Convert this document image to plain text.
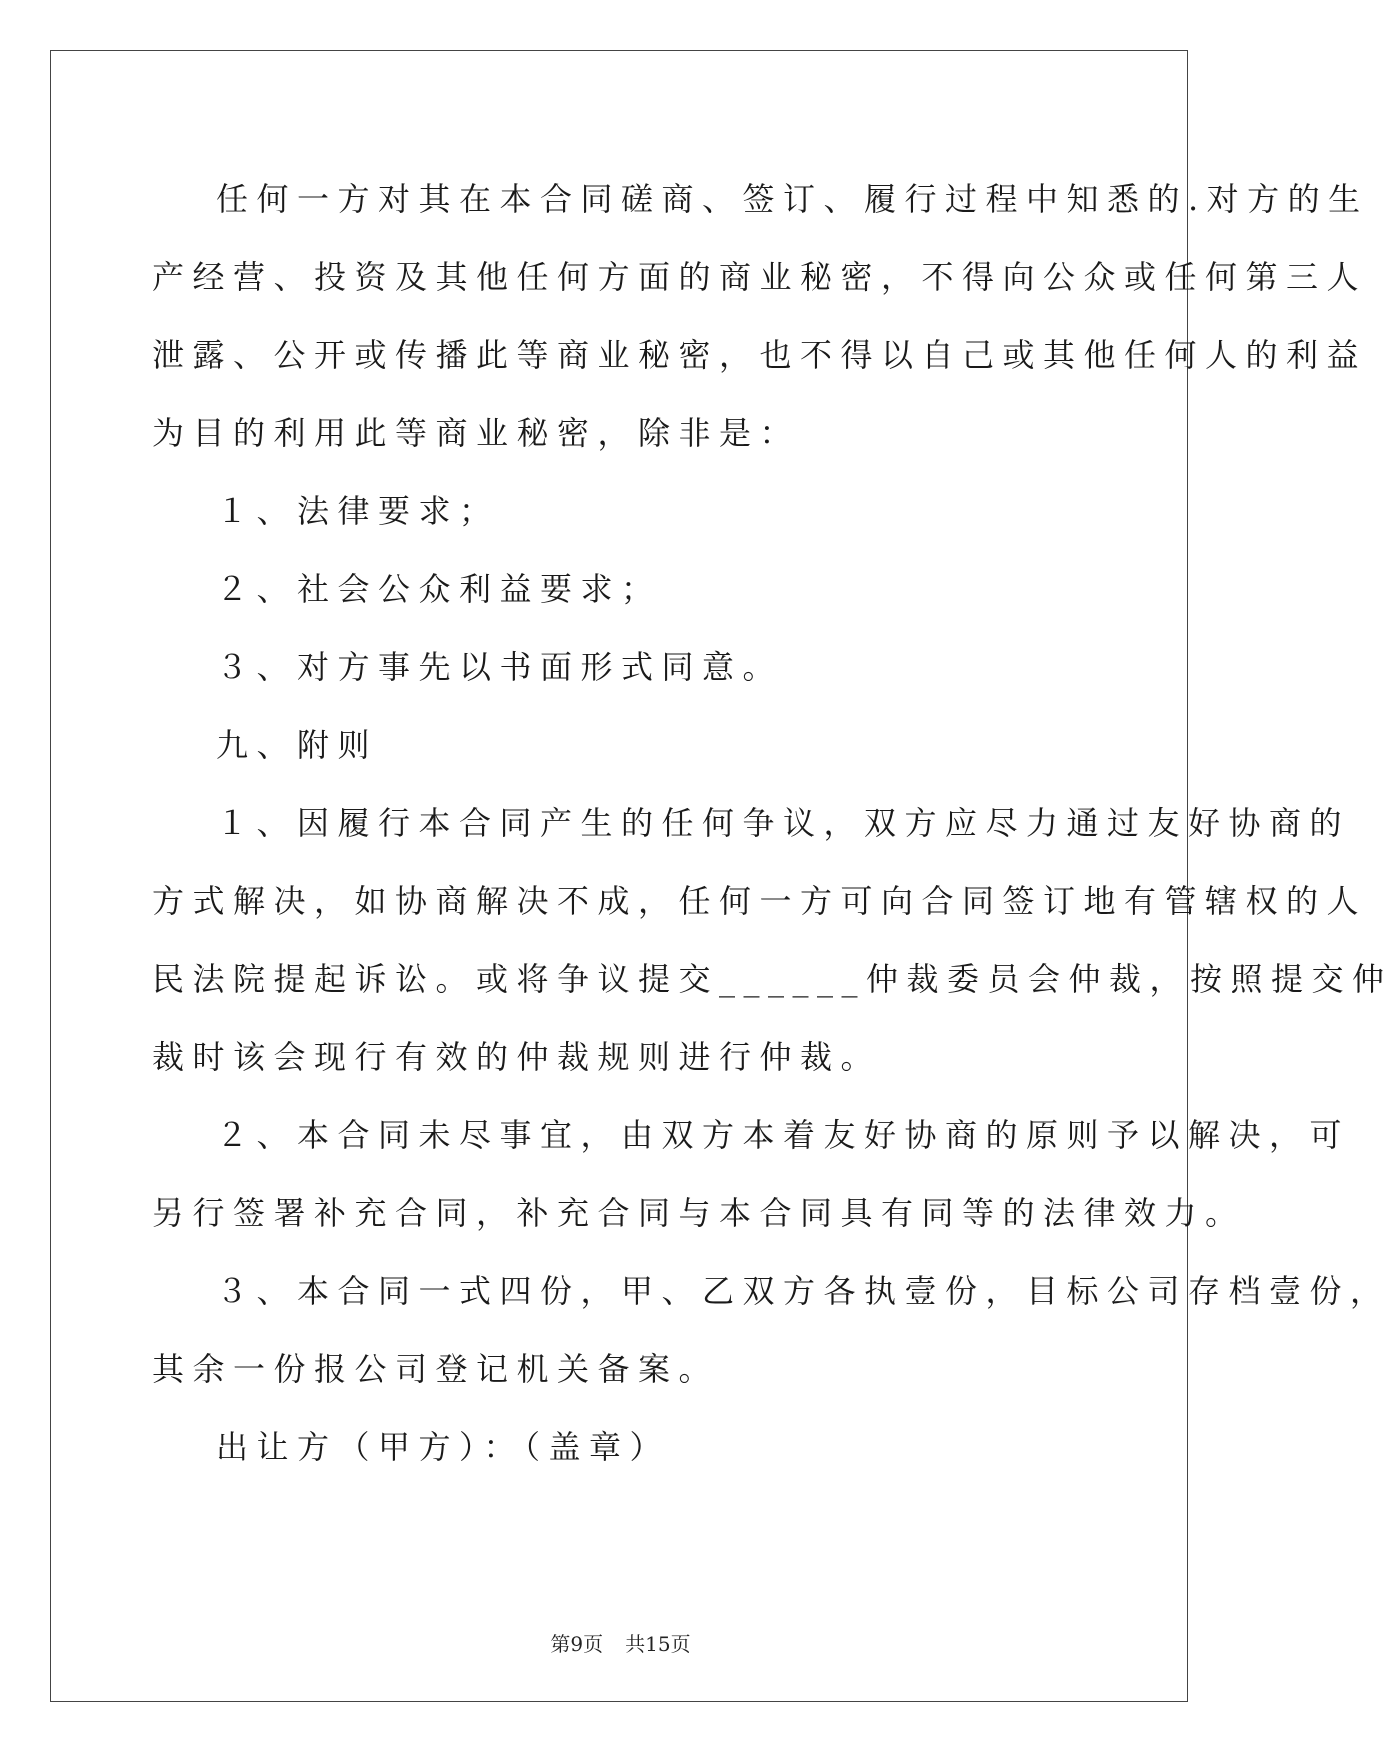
任何一方对其在本合同磋商、签订、履行过程中知悉的.对方的生
产经营、投资及其他任何方面的商业秘密，不得向公众或任何第三人
泄露、公开或传播此等商业秘密，也不得以自己或其他任何人的利益
为目的利用此等商业秘密，除非是：
１、法律要求；
２、社会公众利益要求；
３、对方事先以书面形式同意。
九、附则
１、因履行本合同产生的任何争议，双方应尽力通过友好协商的
方式解决，如协商解决不成，任何一方可向合同签订地有管辖权的人
民法院提起诉讼。或将争议提交______仲裁委员会仲裁，按照提交仲
裁时该会现行有效的仲裁规则进行仲裁。
２、本合同未尽事宜，由双方本着友好协商的原则予以解决，可
另行签署补充合同，补充合同与本合同具有同等的法律效力。
３、本合同一式四份，甲、乙双方各执壹份，目标公司存档壹份，
其余一份报公司登记机关备案。
出让方（甲方）：（盖章）
第9页 共15页
